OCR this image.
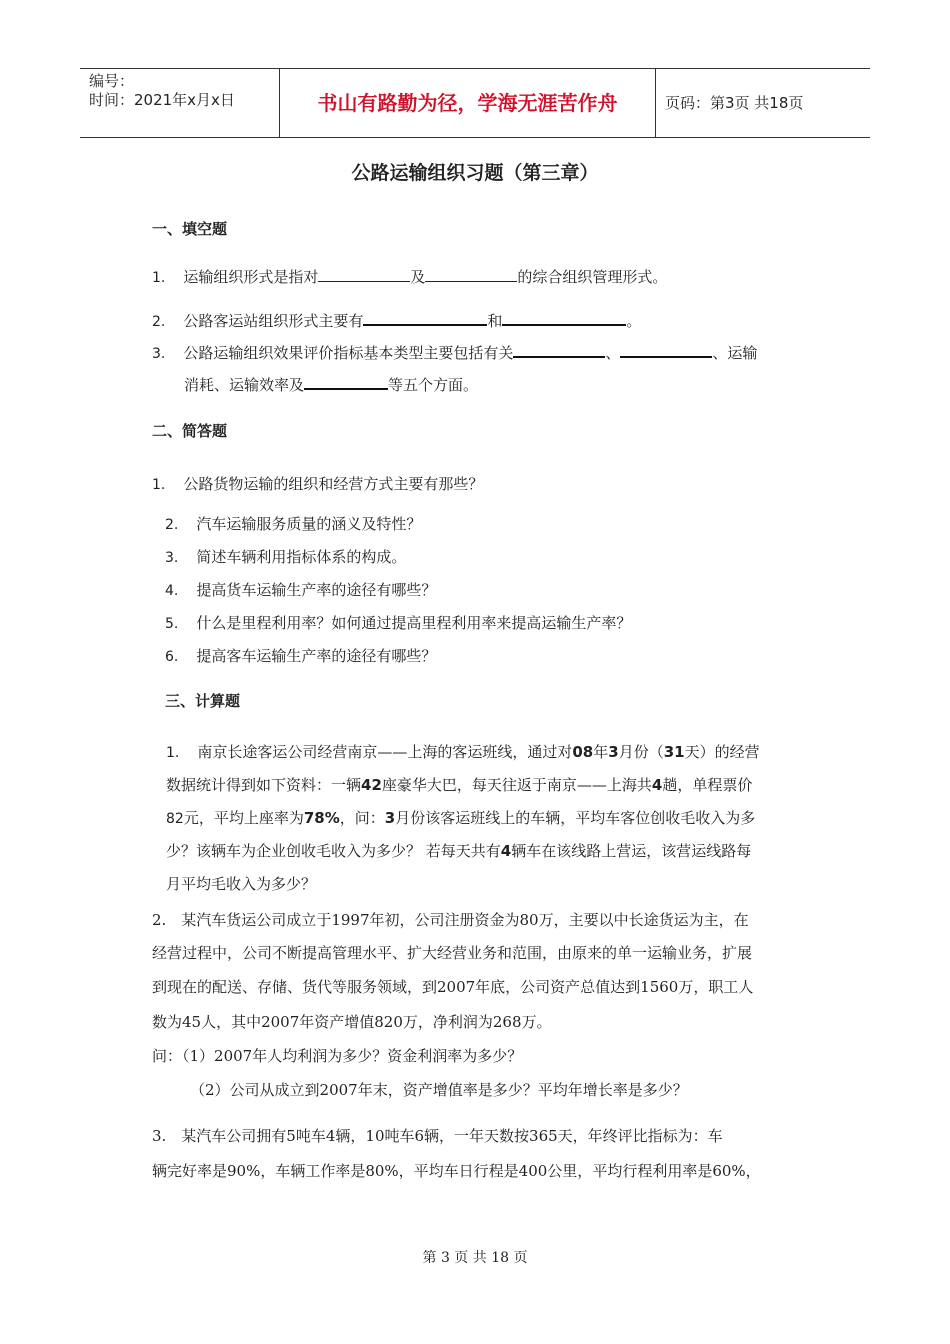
编号：
时间：2021年x月x日	书山有路勤为径，学海无涯苦作舟	页码：第3页 共18页
公路运输组织习题（第三章）
一、填空题
1. 运输组织形式是指对	及	的综合组织管理形式。
2. 公路客运站组织形式主要有	和	。
3. 公路运输组织效果评价指标基本类型主要包括有关	、	、运输
消耗、运输效率及	等五个方面。
二、简答题
1. 公路货物运输的组织和经营方式主要有那些？
2. 汽车运输服务质量的涵义及特性？
3. 简述车辆利用指标体系的构成。
4. 提高货车运输生产率的途径有哪些？
5. 什么是里程利用率？如何通过提高里程利用率来提高运输生产率？
6. 提高客车运输生产率的途径有哪些？
三、计算题
1. 南京长途客运公司经营南京——上海的客运班线，通过对08年3月份（31天）的经营
数据统计得到如下资料：一辆42座豪华大巴，每天往返于南京——上海共4趟，单程票价
82元，平均上座率为78%，问：3月份该客运班线上的车辆，平均车客位创收毛收入为多
少？该辆车为企业创收毛收入为多少？ 若每天共有4辆车在该线路上营运，该营运线路每
月平均毛收入为多少？
2.　某汽车货运公司成立于1997年初，公司注册资金为80万，主要以中长途货运为主，在
经营过程中，公司不断提高管理水平、扩大经营业务和范围，由原来的单一运输业务，扩展
到现在的配送、存储、货代等服务领域，到2007年底，公司资产总值达到1560万，职工人
数为45人，其中2007年资产增值820万，净利润为268万。
问：（1）2007年人均利润为多少？资金利润率为多少？
（2）公司从成立到2007年末，资产增值率是多少？平均年增长率是多少？
3.　某汽车公司拥有5吨车4辆，10吨车6辆，一年天数按365天，年终评比指标为：车
辆完好率是90%，车辆工作率是80%，平均车日行程是400公里，平均行程利用率是60%，
第 3 页 共 18 页
